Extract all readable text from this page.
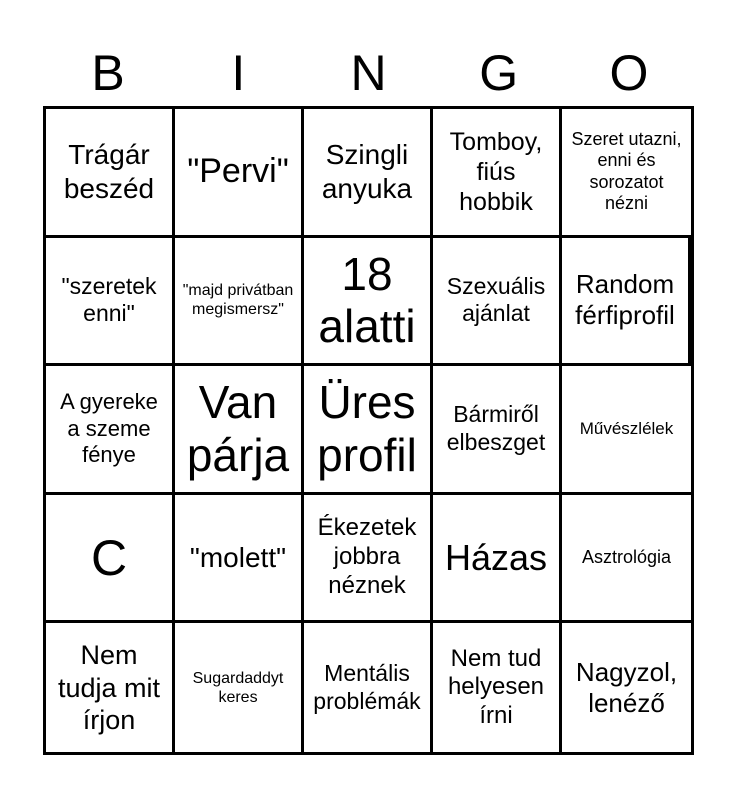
B	I	N	G	O
Trágár beszéd "Pervi"	Szingli anyuka
Tomboy, fiús hobbik
Szeret utazni, enni és sorozatot nézni
"szeretek enni"
"majd privátban megismersz"
18 alatti
Szexuális ajánlat
Random férfiprofil
A gyereke a szeme fénye
Van párja
Üres profil
Bármiről elbeszget
Művészlélek
C	"molett"
Ékezetek jobbra néznek
Házas	Asztrológia
Nem tudja mit írjon
Sugardaddyt keres
Mentális problémák
Nem tud helyesen írni
Nagyzol, lenéző
